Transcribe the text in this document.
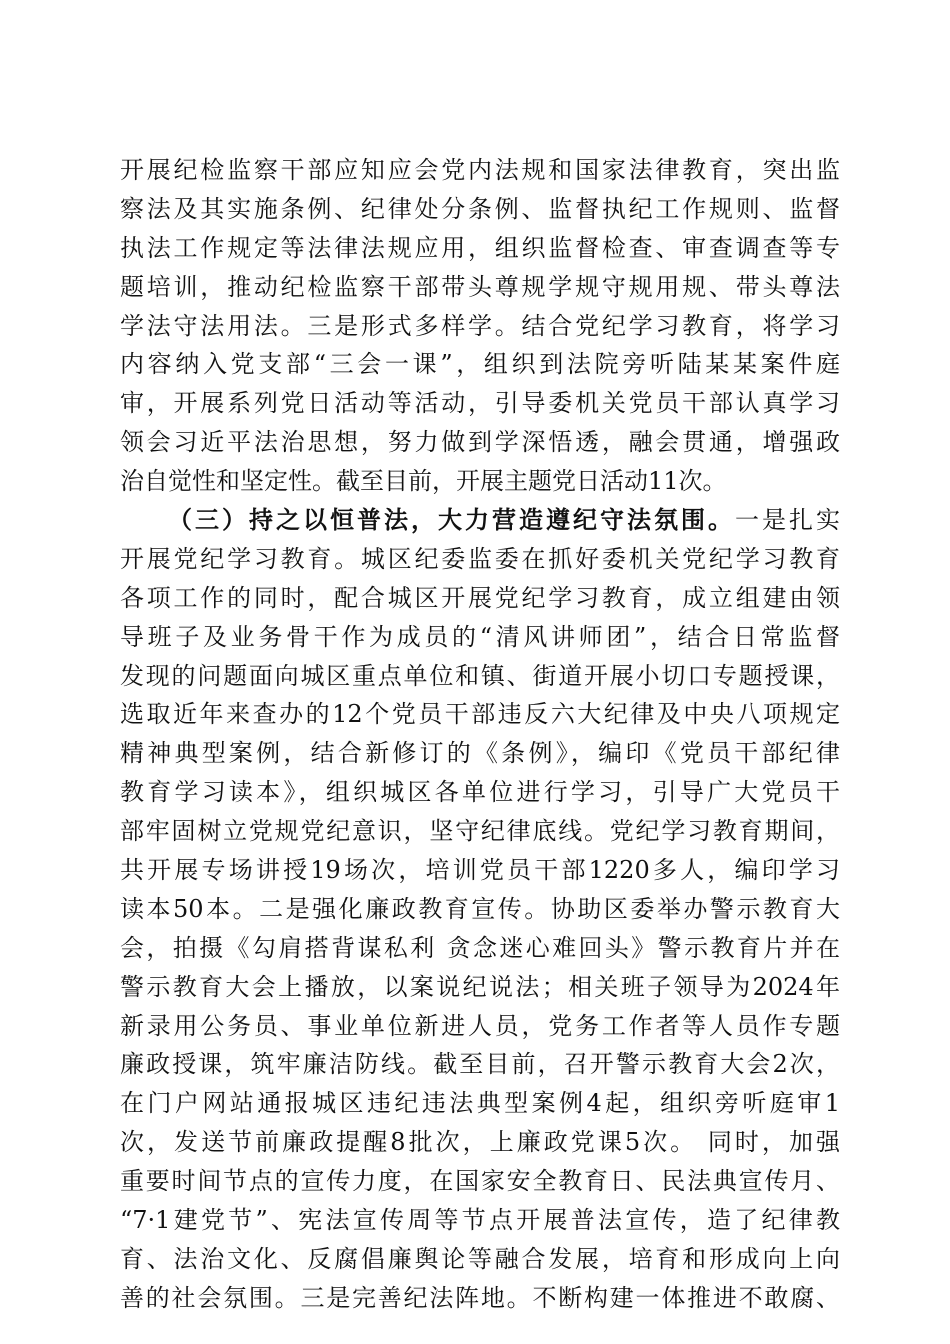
开展纪检监察干部应知应会党内法规和国家法律教育，突出监
察法及其实施条例、纪律处分条例、监督执纪工作规则、监督
执法工作规定等法律法规应用，组织监督检查、审查调查等专
题培训，推动纪检监察干部带头尊规学规守规用规、带头尊法
学法守法用法。三是形式多样学。结合党纪学习教育，将学习
内容纳入党支部“三会一课”，组织到法院旁听陆某某案件庭
审，开展系列党日活动等活动，引导委机关党员干部认真学习
领会习近平法治思想，努力做到学深悟透，融会贯通，增强政
治自觉性和坚定性。截至目前，开展主题党日活动11次。
（三）持之以恒普法，大力营造遵纪守法氛围。一是扎实
开展党纪学习教育。城区纪委监委在抓好委机关党纪学习教育
各项工作的同时，配合城区开展党纪学习教育，成立组建由领
导班子及业务骨干作为成员的“清风讲师团”，结合日常监督
发现的问题面向城区重点单位和镇、街道开展小切口专题授课，
选取近年来查办的12个党员干部违反六大纪律及中央八项规定
精神典型案例，结合新修订的《条例》，编印《党员干部纪律
教育学习读本》，组织城区各单位进行学习，引导广大党员干
部牢固树立党规党纪意识，坚守纪律底线。党纪学习教育期间，
共开展专场讲授19场次，培训党员干部1220多人，编印学习
读本50本。二是强化廉政教育宣传。协助区委举办警示教育大
会，拍摄《勾肩搭背谋私利 贪念迷心难回头》警示教育片并在
警示教育大会上播放，以案说纪说法；相关班子领导为2024年
新录用公务员、事业单位新进人员，党务工作者等人员作专题
廉政授课，筑牢廉洁防线。截至目前，召开警示教育大会2次，
在门户网站通报城区违纪违法典型案例4起，组织旁听庭审1
次，发送节前廉政提醒8批次，上廉政党课5次。 同时，加强
重要时间节点的宣传力度，在国家安全教育日、民法典宣传月、
“7·1建党节”、宪法宣传周等节点开展普法宣传，造了纪律教
育、法治文化、反腐倡廉舆论等融合发展，培育和形成向上向
善的社会氛围。三是完善纪法阵地。不断构建一体推进不敢腐、
